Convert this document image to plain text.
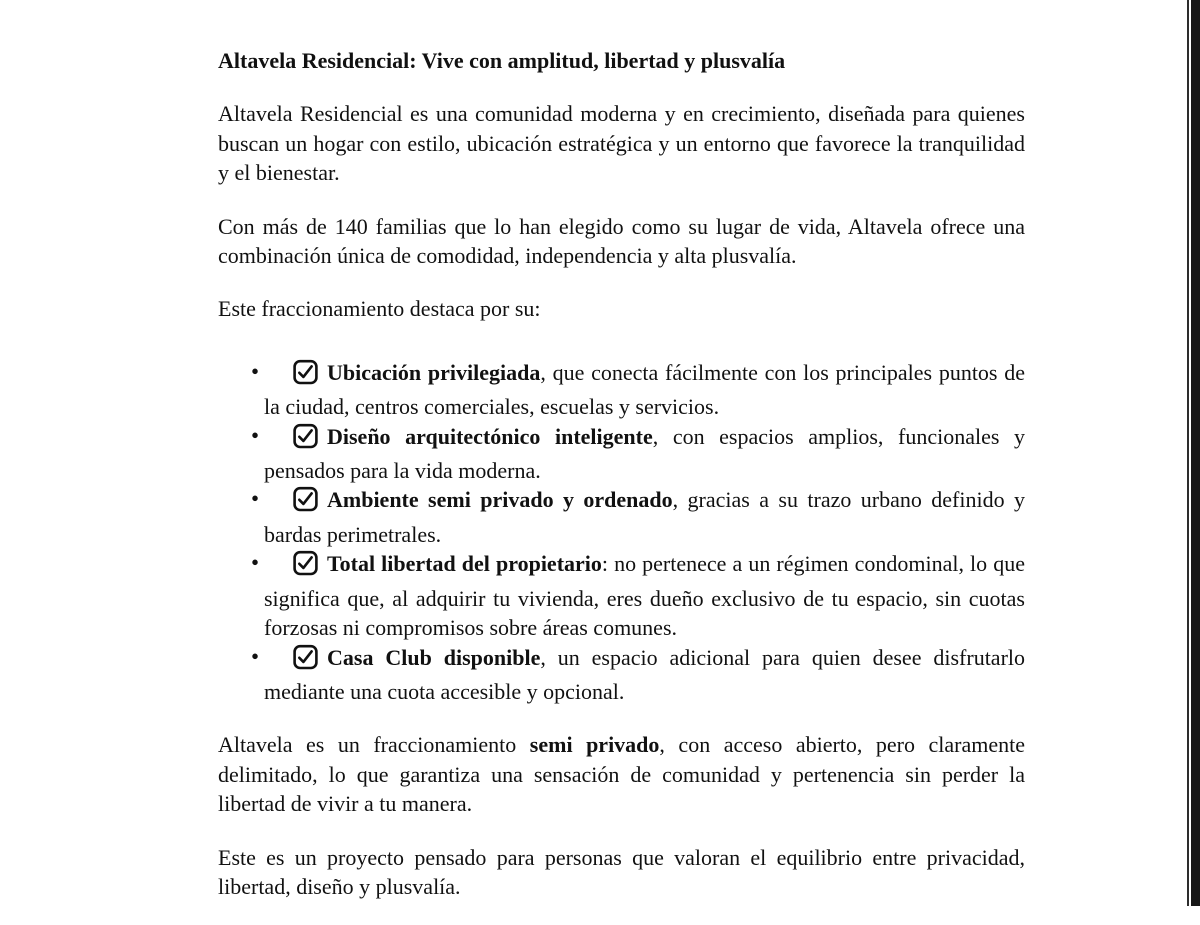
Altavela Residencial: Vive con amplitud, libertad y plusvalía

Altavela Residencial es una comunidad moderna y en crecimiento, diseñada para quienes buscan un hogar con estilo, ubicación estratégica y un entorno que favorece la tranquilidad y el bienestar.

Con más de 140 familias que lo han elegido como su lugar de vida, Altavela ofrece una combinación única de comodidad, independencia y alta plusvalía.

Este fraccionamiento destaca por su:

•	Ubicación privilegiada, que conecta fácilmente con los principales puntos de la ciudad, centros comerciales, escuelas y servicios.
•	Diseño arquitectónico inteligente, con espacios amplios, funcionales y pensados para la vida moderna.
•	Ambiente semi privado y ordenado, gracias a su trazo urbano definido y bardas perimetrales.
•	Total libertad del propietario: no pertenece a un régimen condominal, lo que significa que, al adquirir tu vivienda, eres dueño exclusivo de tu espacio, sin cuotas forzosas ni compromisos sobre áreas comunes.
•	Casa Club disponible, un espacio adicional para quien desee disfrutarlo mediante una cuota accesible y opcional.

Altavela es un fraccionamiento semi privado, con acceso abierto, pero claramente delimitado, lo que garantiza una sensación de comunidad y pertenencia sin perder la libertad de vivir a tu manera.

Este es un proyecto pensado para personas que valoran el equilibrio entre privacidad, libertad, diseño y plusvalía.
